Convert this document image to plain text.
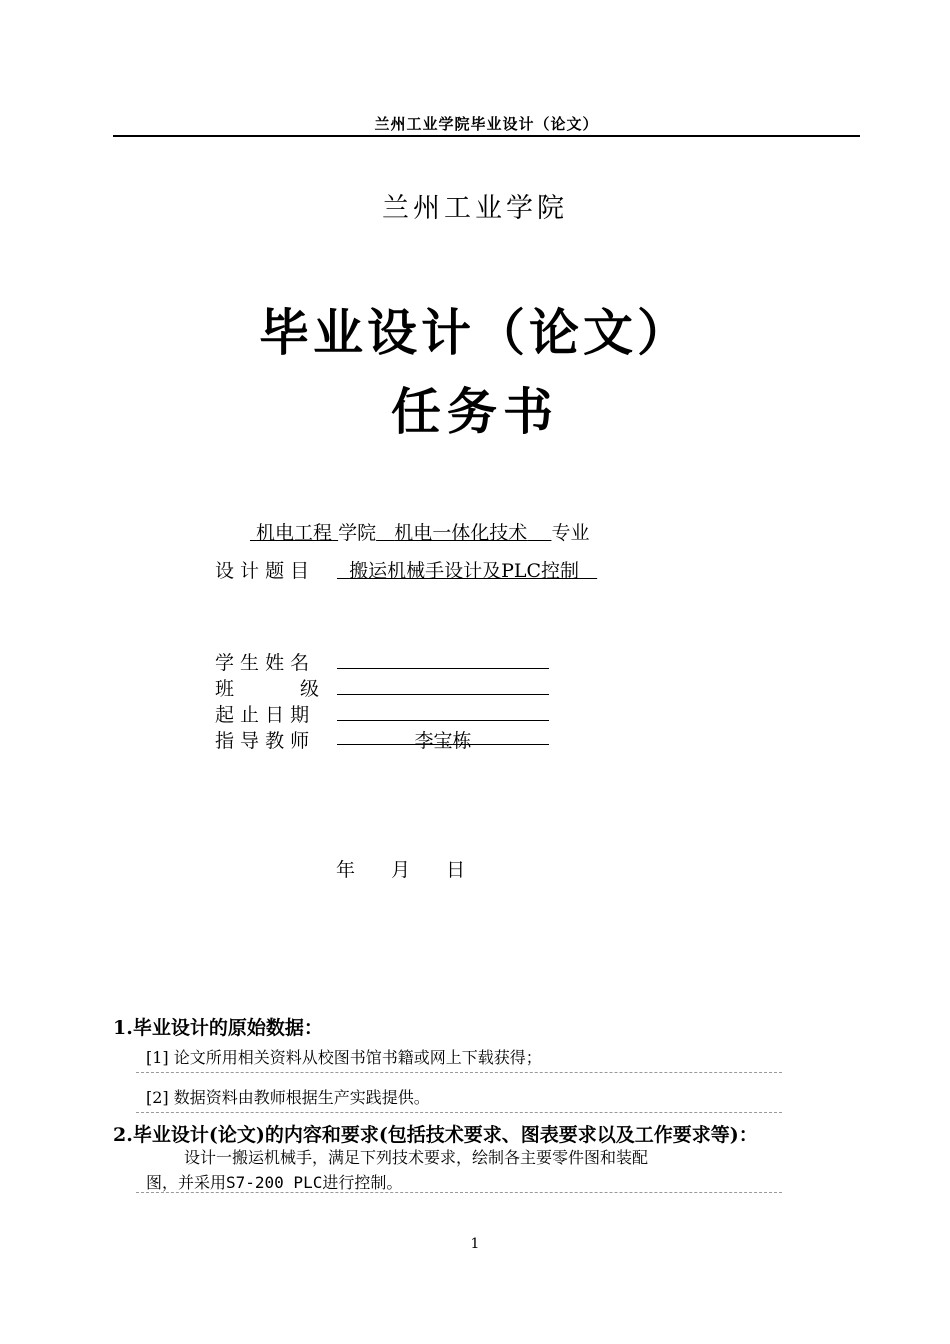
兰州工业学院毕业设计（论文）
兰州工业学院
毕业设计（论文）
任务书
机电工程 学院 机电一体化技术 专业
设 计 题 目 搬运机械手设计及PLC控制
学 生 姓 名
班 级
起 止 日 期
指 导 教 师	李宝栋
年 月 日
1.毕业设计的原始数据：
[1] 论文所用相关资料从校图书馆书籍或网上下载获得；
[2] 数据资料由教师根据生产实践提供。
2.毕业设计(论文)的内容和要求(包括技术要求、图表要求以及工作要求等)：
设计一搬运机械手，满足下列技术要求，绘制各主要零件图和装配
图，并采用S7-200 PLC进行控制。
1
